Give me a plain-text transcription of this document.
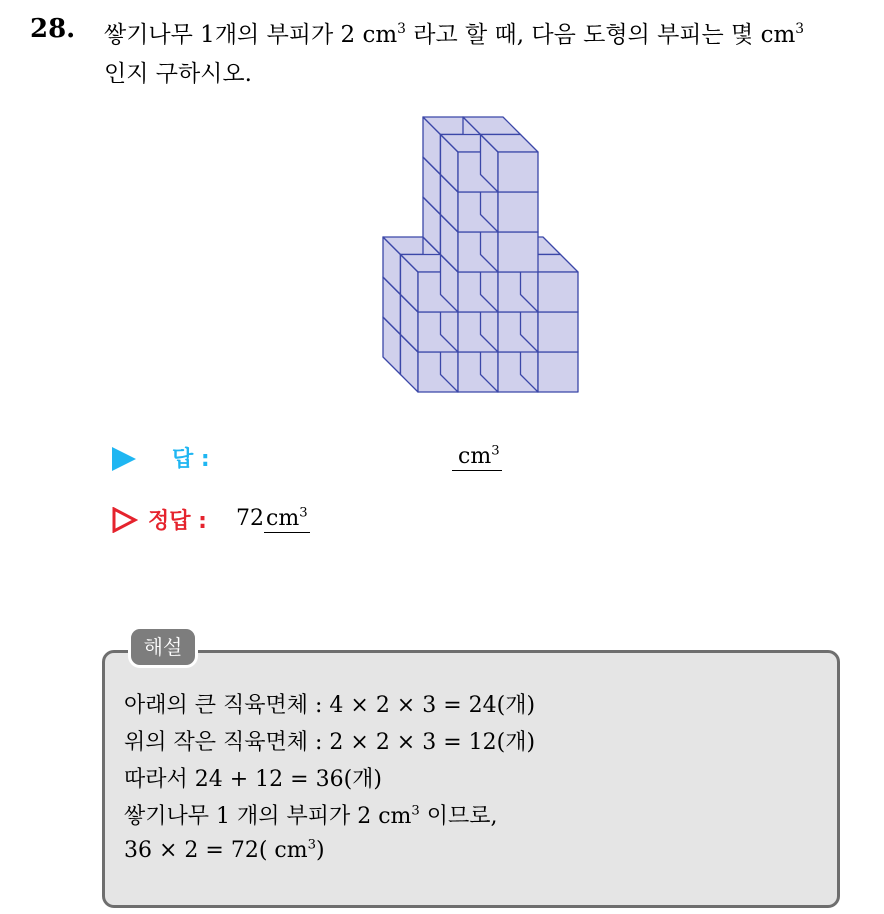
28. 쌓기나무 1개의 부피가 2 $cm^3$ 라고 할 때, 다음 도형의 부피는 몇 $cm^3$
인지 구하시오.
답 :	$cm^3$
정답 : $72cm^3$
해설
아래의 큰 직육면체 : 4 × 2 × 3 = 24(개)
위의 작은 직육면체 : 2 × 2 × 3 = 12(개)
따라서 24 + 12 = 36(개)
쌓기나무 1 개의 부피가 2 $cm^3$ 이므로,
36 × 2 = 72( $cm^3$)
